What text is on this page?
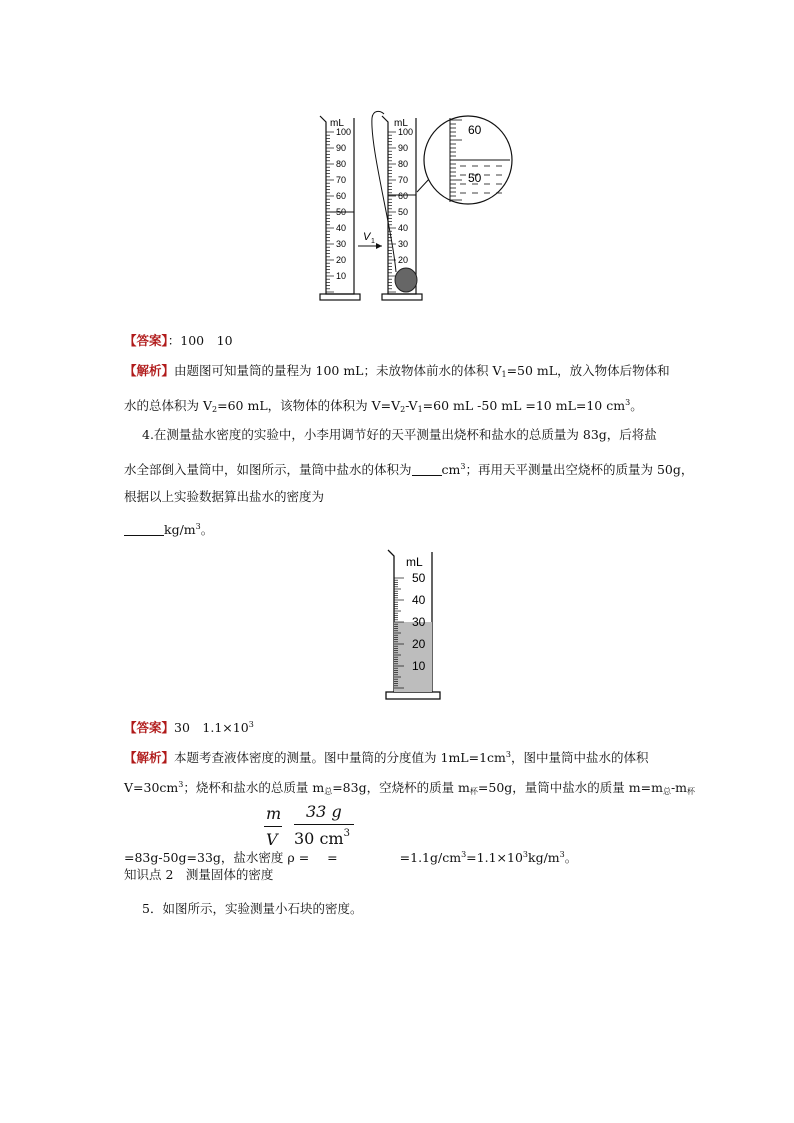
mL
100
90
80
70
60
50
40
30
20
10
V 1
mL
100
90
80
70
60
50
40
30
20
60
50
【答案】：100　10
【解析】由题图可知量筒的量程为 100 mL；未放物体前水的体积 $V_1=50$ mL，放入物体后物体和
水的总体积为 $V_2=60$ mL，该物体的体积为 $V=V_2-V_1=60$ mL -50 mL =10 mL=10 $cm^3$。
4.在测量盐水密度的实验中，小李用调节好的天平测量出烧杯和盐水的总质量为 83g，后将盐
水全部倒入量筒中，如图所示，量筒中盐水的体积为 $cm^3$；再用天平测量出空烧杯的质量为 50g，
根据以上实验数据算出盐水的密度为
$kg/m^3$。
mL
50
40
30
20
10
【答案】30　$1.1\times 10^3$
【解析】本题考查液体密度的测量。图中量筒的分度值为 $1mL=1cm^3$，图中量筒中盐水的体积
$V=30cm^3$；烧杯和盐水的总质量 $m_总=83g$，空烧杯的质量 $m_杯=50g$，量筒中盐水的质量 $m=m_总-m_杯$
m
V
33 g
30 $cm^3$
=83g-50g=33g，盐水密度 ρ = =	$=1.1g/cm^3=1.1\times 10^3kg/m^3$。
知识点 2　测量固体的密度
5．如图所示，实验测量小石块的密度。
